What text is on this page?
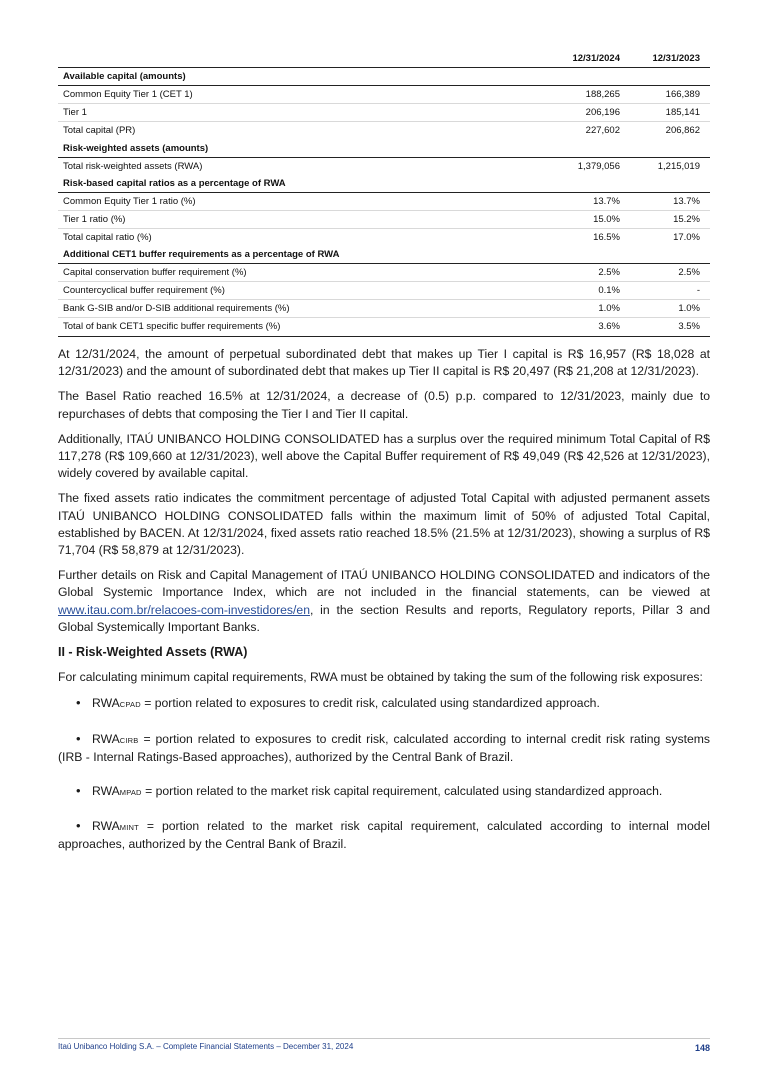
	12/31/2024	12/31/2023
Available capital (amounts)		
Common Equity Tier 1 (CET 1)	188,265	166,389
Tier 1	206,196	185,141
Total capital (PR)	227,602	206,862
Risk-weighted assets (amounts)		
Total risk-weighted assets (RWA)	1,379,056	1,215,019
Risk-based capital ratios as a percentage of RWA		
Common Equity Tier 1 ratio (%)	13.7%	13.7%
Tier 1 ratio (%)	15.0%	15.2%
Total capital ratio (%)	16.5%	17.0%
Additional CET1 buffer requirements as a percentage of RWA		
Capital conservation buffer requirement (%)	2.5%	2.5%
Countercyclical buffer requirement (%)	0.1%	-
Bank G-SIB and/or D-SIB additional requirements (%)	1.0%	1.0%
Total of bank CET1 specific buffer requirements (%)	3.6%	3.5%

At 12/31/2024, the amount of perpetual subordinated debt that makes up Tier I capital is R$ 16,957 (R$ 18,028 at 12/31/2023) and the amount of subordinated debt that makes up Tier II capital is R$ 20,497 (R$ 21,208 at 12/31/2023).

The Basel Ratio reached 16.5% at 12/31/2024, a decrease of (0.5) p.p. compared to 12/31/2023, mainly due to repurchases of debts that composing the Tier I and Tier II capital.

Additionally, ITAÚ UNIBANCO HOLDING CONSOLIDATED has a surplus over the required minimum Total Capital of R$ 117,278 (R$ 109,660 at 12/31/2023), well above the Capital Buffer requirement of R$ 49,049 (R$ 42,526 at 12/31/2023), widely covered by available capital.

The fixed assets ratio indicates the commitment percentage of adjusted Total Capital with adjusted permanent assets ITAÚ UNIBANCO HOLDING CONSOLIDATED falls within the maximum limit of 50% of adjusted Total Capital, established by BACEN. At 12/31/2024, fixed assets ratio reached 18.5% (21.5% at 12/31/2023), showing a surplus of R$ 71,704 (R$ 58,879 at 12/31/2023).

Further details on Risk and Capital Management of ITAÚ UNIBANCO HOLDING CONSOLIDATED and indicators of the Global Systemic Importance Index, which are not included in the financial statements, can be viewed at www.itau.com.br/relacoes-com-investidores/en, in the section Results and reports, Regulatory reports, Pillar 3 and Global Systemically Important Banks.

II - Risk-Weighted Assets (RWA)

For calculating minimum capital requirements, RWA must be obtained by taking the sum of the following risk exposures:

• RWACPAD = portion related to exposures to credit risk, calculated using standardized approach.
• RWACIRB = portion related to exposures to credit risk, calculated according to internal credit risk rating systems (IRB - Internal Ratings-Based approaches), authorized by the Central Bank of Brazil.
• RWAMPAD = portion related to the market risk capital requirement, calculated using standardized approach.
• RWAMINT = portion related to the market risk capital requirement, calculated according to internal model approaches, authorized by the Central Bank of Brazil.
Itaú Unibanco Holding S.A. – Complete Financial Statements – December 31, 2024	148
